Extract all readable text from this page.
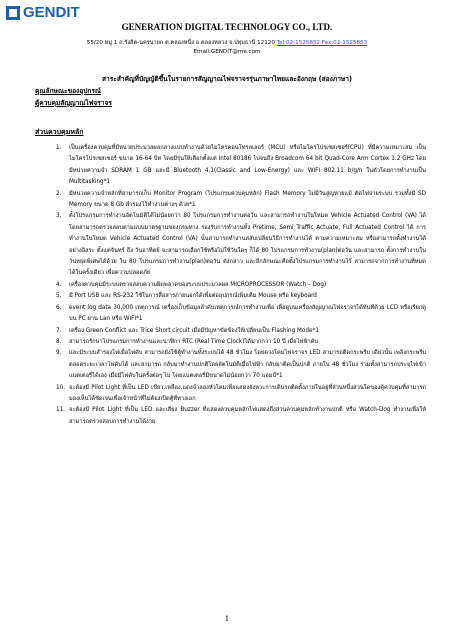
GENDIT
GENERATION DIGITAL TECHNOLOGY CO., LTD.
55/20 หมู่ 1 ถ.รังสิต-นครนายก ต.คลองหนึ่ง อ.คลองหลวง จ.ปทุมธานี 12120 Tel:02-1525852 Fax:02-1525853
Email:GENDIT@me.com
สาระสำคัญที่บัญญัติขึ้นในรายการสัญญาณไฟจราจรรุ่นภาษาไทยและอังกฤษ (สองภาษา)
คุณลักษณะของอุปกรณ์
ตู้ควบคุมสัญญาณไฟจราจร
ส่วนควบคุมหลัก
1. เป็นเครื่องควบคุมที่มีหน่วยประมวลผลกลางแบบทำงานด้วยไมโครคอนโทรลเลอร์ (MCU) หรือไมโครโปรเซสเซอร์(CPU) ที่มีความเหมาะสม เป็นไมโครโปรเซสเซอร์ ขนาด 16-64 บิท โดยมีรุ่นให้เลือกตั้งแต่ Intel 80186 ไปจนถึง Broadcom 64 bit Quad-Core Arm Cortex 1.2 GHz โดยมีหน่วยความจำ SDRAM 1 GB และมี Bluetooth 4.1(Classic and Low-Energy) และ WIFI 802.11 b/g/n ในตัวโดยการทำงานเป็น Multitasking*1
2. มีหน่วยความจำหลักที่สามารถเก็บ Monitor Program (โปรแกรมควบคุมหลัก) Flash Memory ไม่มีวันสูญหายแม้ ตัดไฟจ่ายระบบ รวมทั้งมี SD Memory ขนาด 8 Gb สำรองไว้ทำงานต่างๆ ด้วย*1
3. ตั้งโปรแกรมการทำงานอัตโนมัติได้ไม่น้อยกว่า 80 โปรแกรมการทำงานต่อวัน และสามารถทำงานในโหมด Vehicle Actuated Control (VA) ได้โดยสามารถตรวจสอบตามแบบมาตรฐานของกรมทาง รองรับการทำงานทั้ง Pretime, Semi Traffic Actuate, Full Actuated Control ได้ การทำงานในโหมด Vehicle Actuated Control (VA) นั้นสามารถทำงานสลับเปลี่ยนวิธีการทำงานได้ ตามความเหมาะสม หรือสามารถตั้งทำงานได้อย่างอิสระ ตั้งแต่จันทร์ ถึง วันอาทิตย์ จะสามารถเลือกใช้หรือไม่ใช้วันใดๆ ก็ได้ 80 โปรแกรมการทำงาน(plan)ต่อวัน และสามารถ ตั้งการทำงานในวันหยุดพิเศษได้ด้วย ใน 80 โปรแกรมการทำงาน(plan)ต่อวัน ดังกล่าว และอีกลักษณะคือตั้งโปรแกรมการทำงานไว้ สามารถจากการทำงานที่หมดได้ในครั้งเดียว เพื่อความปลอดภัย
4. เครื่องควบคุมมีระบบตรวจสอบความผิดพลาดของระบบประมวลผล MICROPROCESSOR (Watch – Dog)
5. มี Port USB และ RS-232 ใช้ในการสื่อสารภายนอกได้เพื่อต่ออุปกรณ์เพิ่มเติม Mouse หรือ keyboard
6. event log data 30,000 เหตุการณ์ เครื่องเก็บข้อมูลลำดับเหตุการณ์การทำงานเพื่อ เพื่อดูบนเครื่องสัญญาณไฟจราจรได้ทันทีด้วย LCD หรือเรียกดูบน PC ผ่าน Lan หรือ WIFI*1
7. เครื่อง Green Conflict และ Trice Short circuit เมื่อมีปัญหาขัดข้องให้เปลี่ยนเป็น Flashing Mode*1
8. สามารถรักษาโปรแกรมการทำงานและนาฬิกา RTC (Real Time Clock)ได้มากกว่า 10 ปี เมื่อไฟฟ้าดับ
9. และมีระบบสำรองไฟเมื่อไฟดับ สามารถยังใช้ตู้ทำงานทั้งระบบได้ 48 ชั่วโมง โดยดวงโคมไฟจราจร LED สามารถติดกระพริบ เดียวนั้น เพลิงกระพริบตลอดระยะเวลาไฟดับได้ และสามารถ กลับมาทำงานปกติโดยอัตโนมัติเมื่อไฟฟ้า กลับมาติดเป็นปกติ ภายใน 48 ชั่วโมง ร่วมทั้งสามารถประจุไฟเข้าแบตเตอรี่ได้เอง เมื่อมีไฟดับในครั้งต่อๆ ไป โดยแบตเตอรี่มีขนาดไม่น้อยกว่า 70 แอมป์*1
10. จะต้องมี Pilot Light ที่เป็น LED เขียว,เหลือง,แดงจำลองหัวโคมเพื่อแสดงจังหวะการเดินรถติดตั้งภายในอยู่ที่ส่วนหนึ่งส่วนใดของตู้ควบคุมที่สามารถมองเห็นได้ชัดเจนเพื่อเจ้าหน้าที่ไม่ต้องเปิดตู้ที่ทางเอก
11. จะต้องมี Pilot Light ที่เป็น LED และเสียง Buzzer ที่แสดงควบคุมหลักไฟแสดงถึงส่วนควบคุมหลักทำงานปกติ หรือ Watch-Dog ทำงานเพื่อให้สามารถตรวจสอบการทำงานได้ง่าย
1
